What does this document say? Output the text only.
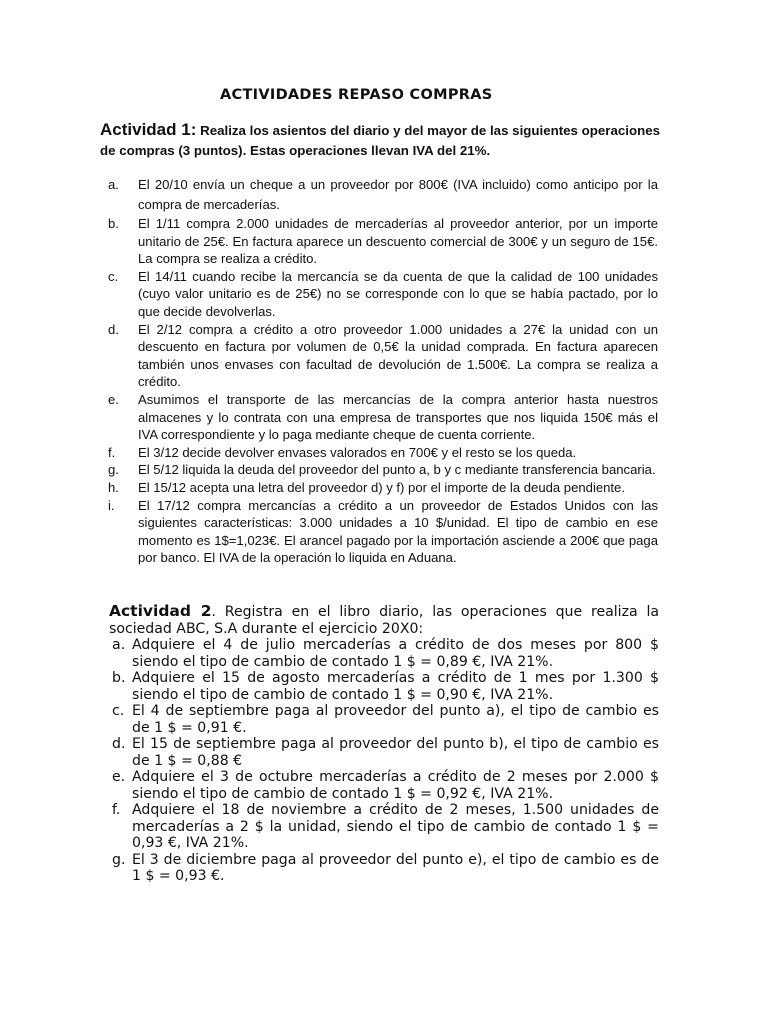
ACTIVIDADES REPASO COMPRAS
Actividad 1: Realiza los asientos del diario y del mayor de las siguientes operaciones de compras (3 puntos). Estas operaciones llevan IVA del 21%.
a.	El 20/10 envía un cheque a un proveedor por 800€ (IVA incluido) como anticipo por la compra de mercaderías.
b.	El 1/11 compra 2.000 unidades de mercaderías al proveedor anterior, por un importe unitario de 25€. En factura aparece un descuento comercial de 300€ y un seguro de 15€. La compra se realiza a crédito.
c.	El 14/11 cuando recibe la mercancía se da cuenta de que la calidad de 100 unidades (cuyo valor unitario es de 25€) no se corresponde con lo que se había pactado, por lo que decide devolverlas.
d.	El 2/12 compra a crédito a otro proveedor 1.000 unidades a 27€ la unidad con un descuento en factura por volumen de 0,5€ la unidad comprada. En factura aparecen también unos envases con facultad de devolución de 1.500€. La compra se realiza a crédito.
e.	Asumimos el transporte de las mercancías de la compra anterior hasta nuestros almacenes y lo contrata con una empresa de transportes que nos liquida 150€ más el IVA correspondiente y lo paga mediante cheque de cuenta corriente.
f.	El 3/12 decide devolver envases valorados en 700€ y el resto se los queda.
g.	El 5/12 liquida la deuda del proveedor del punto a, b y c mediante transferencia bancaria.
h.	El 15/12 acepta una letra del proveedor d) y f) por el importe de la deuda pendiente.
i.	El 17/12 compra mercancías a crédito a un proveedor de Estados Unidos con las siguientes características: 3.000 unidades a 10 $/unidad. El tipo de cambio en ese momento es 1$=1,023€. El arancel pagado por la importación asciende a 200€ que paga por banco. El IVA de la operación lo liquida en Aduana.
Actividad 2. Registra en el libro diario, las operaciones que realiza la sociedad ABC, S.A durante el ejercicio 20X0:
a. Adquiere el 4 de julio mercaderías a crédito de dos meses por 800 $ siendo el tipo de cambio de contado 1 $ = 0,89 €, IVA 21%.
b. Adquiere el 15 de agosto mercaderías a crédito de 1 mes por 1.300 $ siendo el tipo de cambio de contado 1 $ = 0,90 €, IVA 21%.
c. El 4 de septiembre paga al proveedor del punto a), el tipo de cambio es de 1 $ = 0,91 €.
d. El 15 de septiembre paga al proveedor del punto b), el tipo de cambio es de 1 $ = 0,88 €
e. Adquiere el 3 de octubre mercaderías a crédito de 2 meses por 2.000 $ siendo el tipo de cambio de contado 1 $ = 0,92 €, IVA 21%.
f. Adquiere el 18 de noviembre a crédito de 2 meses, 1.500 unidades de mercaderías a 2 $ la unidad, siendo el tipo de cambio de contado 1 $ = 0,93 €, IVA 21%.
g. El 3 de diciembre paga al proveedor del punto e), el tipo de cambio es de 1 $ = 0,93 €.
